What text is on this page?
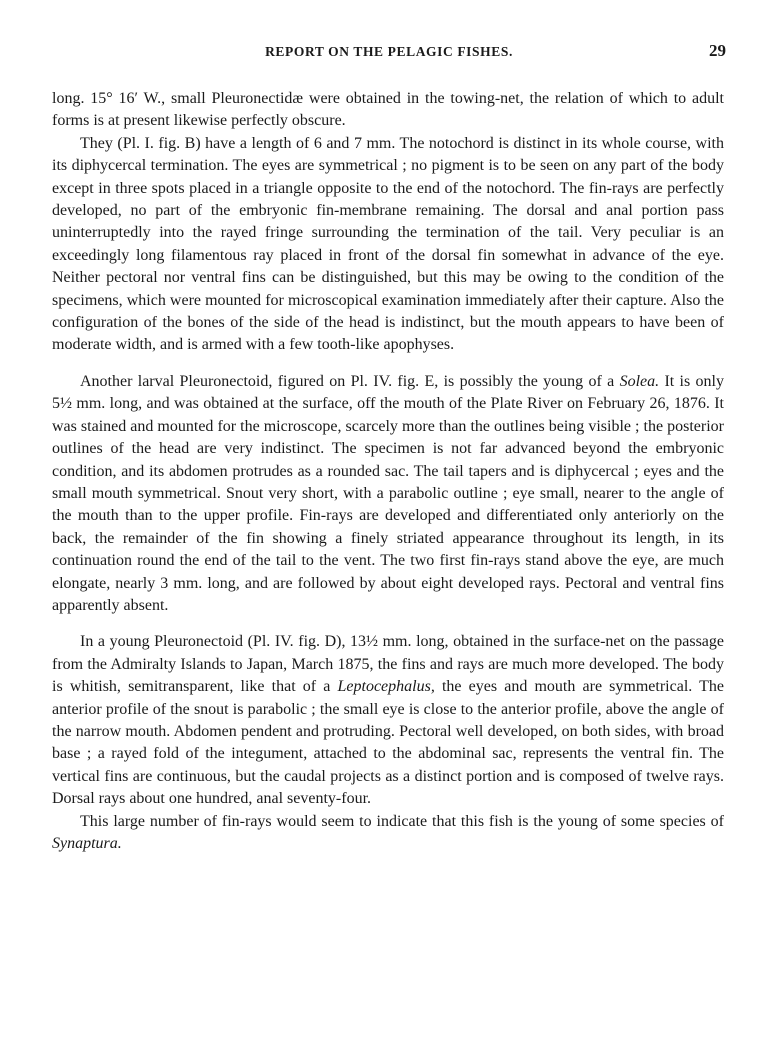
REPORT ON THE PELAGIC FISHES.	29

long. 15° 16′ W., small Pleuronectidæ were obtained in the towing-net, the relation of which to adult forms is at present likewise perfectly obscure.

They (Pl. I. fig. B) have a length of 6 and 7 mm. The notochord is distinct in its whole course, with its diphycercal termination. The eyes are symmetrical ; no pigment is to be seen on any part of the body except in three spots placed in a triangle opposite to the end of the notochord. The fin-rays are perfectly developed, no part of the embryonic fin-membrane remaining. The dorsal and anal portion pass uninterruptedly into the rayed fringe surrounding the termination of the tail. Very peculiar is an exceedingly long filamentous ray placed in front of the dorsal fin somewhat in advance of the eye. Neither pectoral nor ventral fins can be distinguished, but this may be owing to the condition of the specimens, which were mounted for microscopical examination immediately after their capture. Also the configuration of the bones of the side of the head is indistinct, but the mouth appears to have been of moderate width, and is armed with a few tooth-like apophyses.

Another larval Pleuronectoid, figured on Pl. IV. fig. E, is possibly the young of a Solea. It is only 5½ mm. long, and was obtained at the surface, off the mouth of the Plate River on February 26, 1876. It was stained and mounted for the microscope, scarcely more than the outlines being visible ; the posterior outlines of the head are very indistinct. The specimen is not far advanced beyond the embryonic condition, and its abdomen protrudes as a rounded sac. The tail tapers and is diphycercal ; eyes and the small mouth symmetrical. Snout very short, with a parabolic outline ; eye small, nearer to the angle of the mouth than to the upper profile. Fin-rays are developed and differentiated only anteriorly on the back, the remainder of the fin showing a finely striated appearance throughout its length, in its continuation round the end of the tail to the vent. The two first fin-rays stand above the eye, are much elongate, nearly 3 mm. long, and are followed by about eight developed rays. Pectoral and ventral fins apparently absent.

In a young Pleuronectoid (Pl. IV. fig. D), 13½ mm. long, obtained in the surface-net on the passage from the Admiralty Islands to Japan, March 1875, the fins and rays are much more developed. The body is whitish, semitransparent, like that of a Leptocephalus, the eyes and mouth are symmetrical. The anterior profile of the snout is parabolic ; the small eye is close to the anterior profile, above the angle of the narrow mouth. Abdomen pendent and protruding. Pectoral well developed, on both sides, with broad base ; a rayed fold of the integument, attached to the abdominal sac, represents the ventral fin. The vertical fins are continuous, but the caudal projects as a distinct portion and is composed of twelve rays. Dorsal rays about one hundred, anal seventy-four.

This large number of fin-rays would seem to indicate that this fish is the young of some species of Synaptura.
